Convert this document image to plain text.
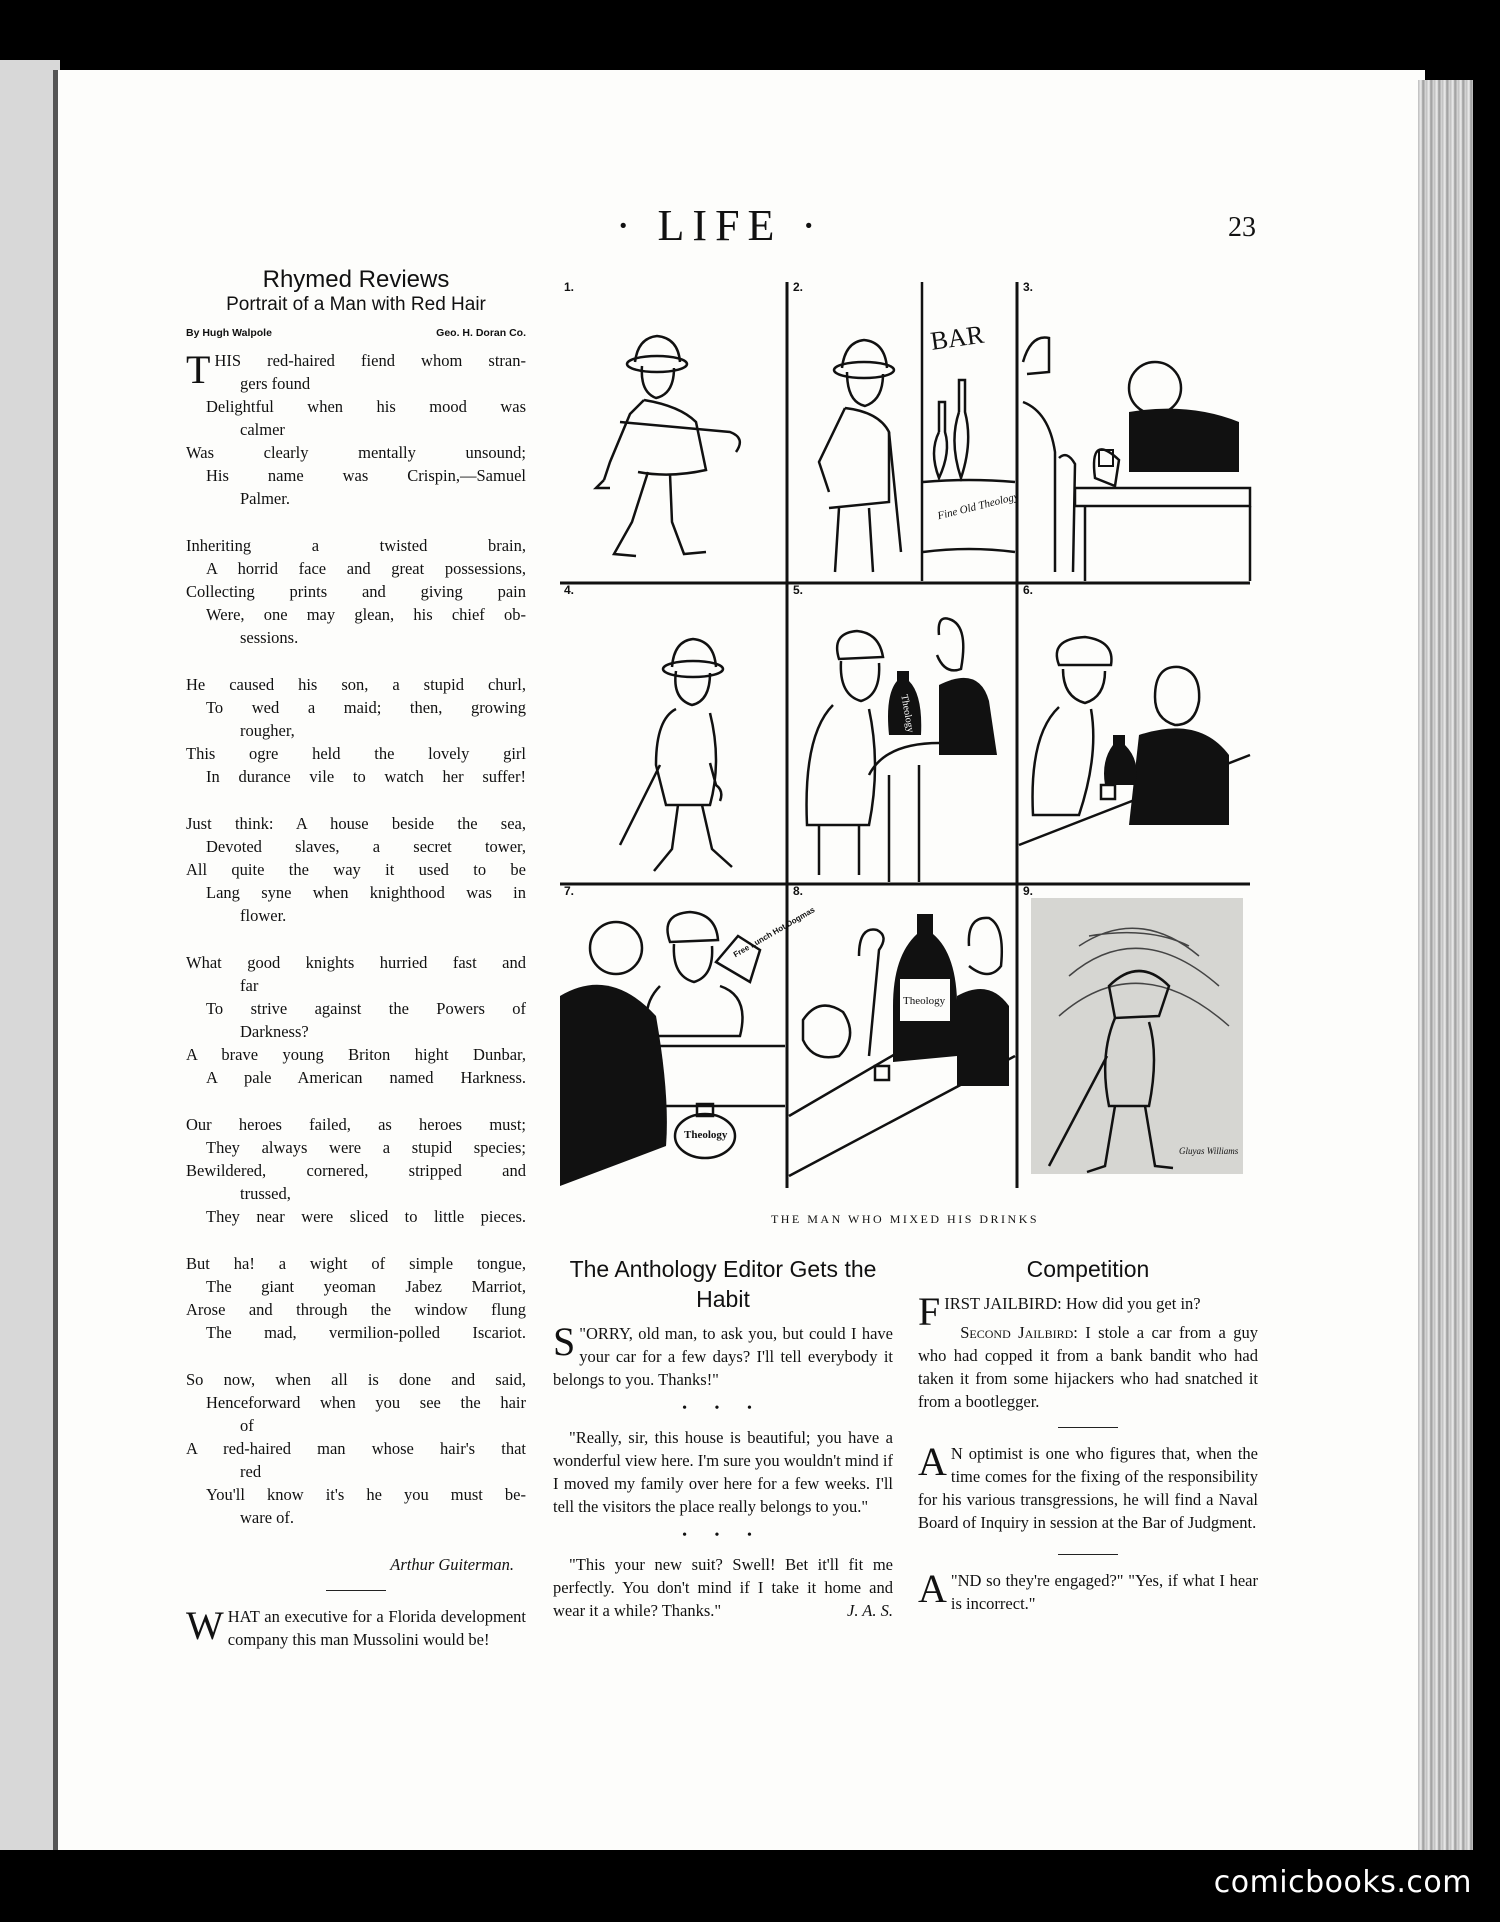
· LIFE ·	23
Rhymed Reviews
Portrait of a Man with Red Hair
By Hugh Walpole	Geo. H. Doran Co.
THIS red-haired fiend whom stran-
gers found
Delightful when his mood was
calmer
Was clearly mentally unsound;
His name was Crispin,—Samuel
Palmer.
Inheriting a twisted brain,
A horrid face and great possessions,
Collecting prints and giving pain
Were, one may glean, his chief ob-
sessions.
He caused his son, a stupid churl,
To wed a maid; then, growing
rougher,
This ogre held the lovely girl
In durance vile to watch her suffer!
Just think: A house beside the sea,
Devoted slaves, a secret tower,
All quite the way it used to be
Lang syne when knighthood was in
flower.
What good knights hurried fast and
far
To strive against the Powers of
Darkness?
A brave young Briton hight Dunbar,
A pale American named Harkness.
Our heroes failed, as heroes must;
They always were a stupid species;
Bewildered, cornered, stripped and
trussed,
They near were sliced to little pieces.
But ha! a wight of simple tongue,
The giant yeoman Jabez Marriot,
Arose and through the window flung
The mad, vermilion-polled Iscariot.
So now, when all is done and said,
Henceforward when you see the hair
of
A red-haired man whose hair's that
red
You'll know it's he you must be-
ware of.
Arthur Guiterman.
WHAT an executive for a Florida development company this man Mussolini would be!
1.	2.
BAR
Fine Old Theology
3.
4.	5.
Theology
6.
7.
Free Lunch Hot Dogmas
Theology
8.
Theology
9.
Gluyas Williams
THE MAN WHO MIXED HIS DRINKS
The Anthology Editor Gets the Habit
"
S ORRY, old man, to ask you, but could I have your car for a few days? I'll tell everybody it belongs to you. Thanks!"
• • •
"Really, sir, this house is beautiful; you have a wonderful view here. I'm sure you wouldn't mind if I moved my family over here for a few weeks. I'll tell the visitors the place really belongs to you."
• • •
"This your new suit? Swell! Bet it'll fit me perfectly. You don't mind if I take it home and wear it a while? Thanks."	J. A. S.
Competition
FIRST JAILBIRD: How did you get in?
Second Jailbird: I stole a car from a guy who had copped it from a bank bandit who had taken it from some hijackers who had snatched it from a bootlegger.
A N optimist is one who figures that, when the time comes for the fixing of the responsibility for his various transgressions, he will find a Naval Board of Inquiry in session at the Bar of Judgment.
"
A ND so they're engaged?" "Yes, if what I hear is incorrect."
comicbooks.com
